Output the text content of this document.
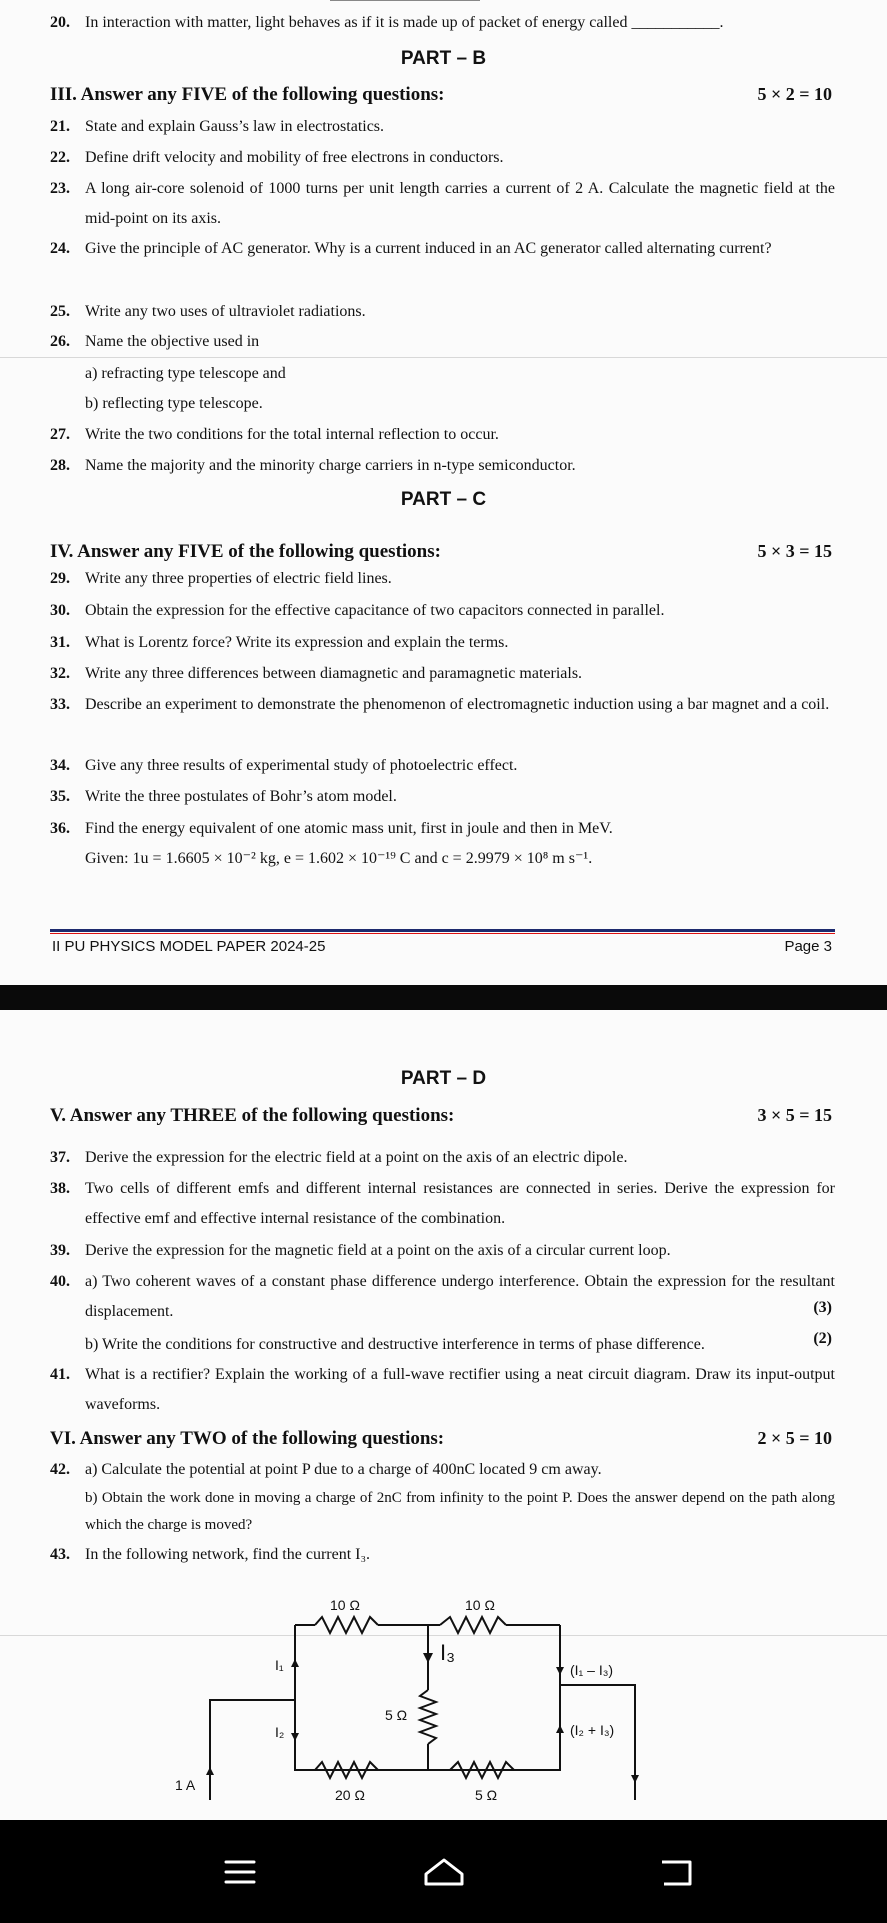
20. In interaction with matter, light behaves as if it is made up of packet of energy called ___________.
PART – B
III. Answer any FIVE of the following questions:	5 × 2 = 10
21. State and explain Gauss’s law in electrostatics.
22. Define drift velocity and mobility of free electrons in conductors.
23. A long air-core solenoid of 1000 turns per unit length carries a current of 2 A. Calculate the magnetic field at the mid-point on its axis.
24. Give the principle of AC generator. Why is a current induced in an AC generator called alternating current?
25. Write any two uses of ultraviolet radiations.
26. Name the objective used in
a) refracting type telescope and
b) reflecting type telescope.
27. Write the two conditions for the total internal reflection to occur.
28. Name the majority and the minority charge carriers in n-type semiconductor.
PART – C
IV. Answer any FIVE of the following questions:	5 × 3 = 15
29. Write any three properties of electric field lines.
30. Obtain the expression for the effective capacitance of two capacitors connected in parallel.
31. What is Lorentz force? Write its expression and explain the terms.
32. Write any three differences between diamagnetic and paramagnetic materials.
33. Describe an experiment to demonstrate the phenomenon of electromagnetic induction using a bar magnet and a coil.
34. Give any three results of experimental study of photoelectric effect.
35. Write the three postulates of Bohr’s atom model.
36. Find the energy equivalent of one atomic mass unit, first in joule and then in MeV.
Given: 1u = 1.6605 × 10⁻² kg, e = 1.602 × 10⁻¹⁹ C and c = 2.9979 × 10⁸ m s⁻¹.
II PU PHYSICS MODEL PAPER 2024-25	Page 3
PART – D
V. Answer any THREE of the following questions:	3 × 5 = 15
37. Derive the expression for the electric field at a point on the axis of an electric dipole.
38. Two cells of different emfs and different internal resistances are connected in series. Derive the expression for effective emf and effective internal resistance of the combination.
39. Derive the expression for the magnetic field at a point on the axis of a circular current loop.
40. a) Two coherent waves of a constant phase difference undergo interference. Obtain the expression for the resultant displacement.	(3)
b) Write the conditions for constructive and destructive interference in terms of phase difference.	(2)
41. What is a rectifier? Explain the working of a full-wave rectifier using a neat circuit diagram. Draw its input-output waveforms.
VI. Answer any TWO of the following questions:	2 × 5 = 10
42. a) Calculate the potential at point P due to a charge of 400nC located 9 cm away.
b) Obtain the work done in moving a charge of 2nC from infinity to the point P. Does the answer depend on the path along which the charge is moved?
43. In the following network, find the current I₃.
10 Ω	10 Ω
5 Ω
20 Ω	5 Ω
I₁
I₂
I₃
(I₁ – I₃)
(I₂ + I₃)
1 A
